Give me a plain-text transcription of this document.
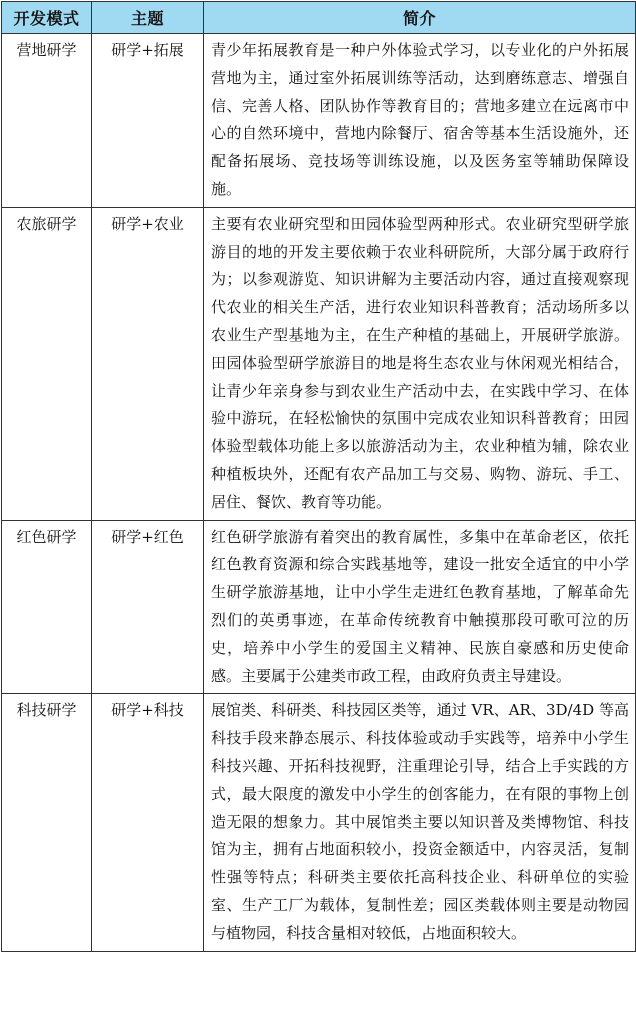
开发模式	主题	简介
营地研学	研学+拓展	青少年拓展教育是一种户外体验式学习，以专业化的户外拓展营地为主，通过室外拓展训练等活动，达到磨练意志、增强自信、完善人格、团队协作等教育目的；营地多建立在远离市中心的自然环境中，营地内除餐厅、宿舍等基本生活设施外，还配备拓展场、竞技场等训练设施，以及医务室等辅助保障设施。
农旅研学	研学+农业	主要有农业研究型和田园体验型两种形式。农业研究型研学旅游目的地的开发主要依赖于农业科研院所，大部分属于政府行为；以参观游览、知识讲解为主要活动内容，通过直接观察现代农业的相关生产活，进行农业知识科普教育；活动场所多以农业生产型基地为主，在生产种植的基础上，开展研学旅游。田园体验型研学旅游目的地是将生态农业与休闲观光相结合，让青少年亲身参与到农业生产活动中去，在实践中学习、在体验中游玩，在轻松愉快的氛围中完成农业知识科普教育；田园体验型载体功能上多以旅游活动为主，农业种植为辅，除农业种植板块外，还配有农产品加工与交易、购物、游玩、手工、居住、餐饮、教育等功能。
红色研学	研学+红色	红色研学旅游有着突出的教育属性，多集中在革命老区，依托红色教育资源和综合实践基地等，建设一批安全适宜的中小学生研学旅游基地，让中小学生走进红色教育基地，了解革命先烈们的英勇事迹，在革命传统教育中触摸那段可歌可泣的历史，培养中小学生的爱国主义精神、民族自豪感和历史使命感。主要属于公建类市政工程，由政府负责主导建设。
科技研学	研学+科技	展馆类、科研类、科技园区类等，通过 VR、AR、3D/4D 等高科技手段来静态展示、科技体验或动手实践等，培养中小学生科技兴趣、开拓科技视野，注重理论引导，结合上手实践的方式，最大限度的激发中小学生的创客能力，在有限的事物上创造无限的想象力。其中展馆类主要以知识普及类博物馆、科技馆为主，拥有占地面积较小，投资金额适中，内容灵活，复制性强等特点；科研类主要依托高科技企业、科研单位的实验室、生产工厂为载体，复制性差；园区类载体则主要是动物园与植物园，科技含量相对较低，占地面积较大。
